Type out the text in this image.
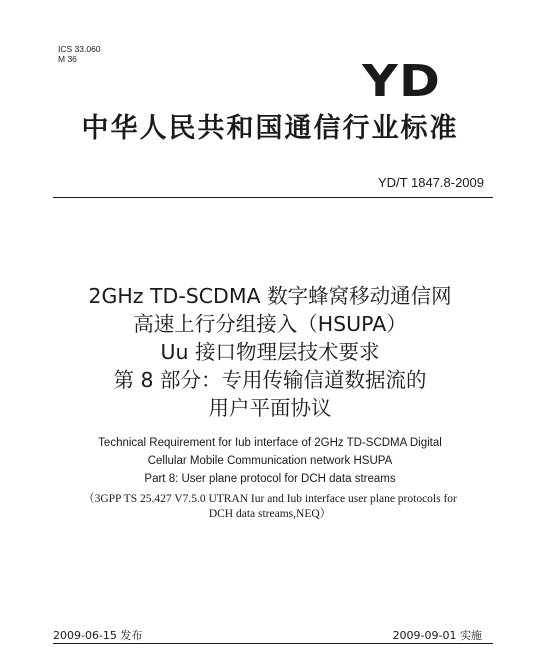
ICS 33.060
M 36	YD
中华人民共和国通信行业标准
YD/T 1847.8-2009
2GHz TD-SCDMA 数字蜂窝移动通信网
高速上行分组接入（HSUPA）
Uu 接口物理层技术要求
第 8 部分：专用传输信道数据流的
用户平面协议
Technical Requirement for Iub interface of 2GHz TD-SCDMA Digital
Cellular Mobile Communication network HSUPA
Part 8: User plane protocol for DCH data streams
（3GPP TS 25.427 V7.5.0 UTRAN Iur and Iub interface user plane protocols for
DCH data streams,NEQ）
2009-06-15 发布	2009-09-01 实施
